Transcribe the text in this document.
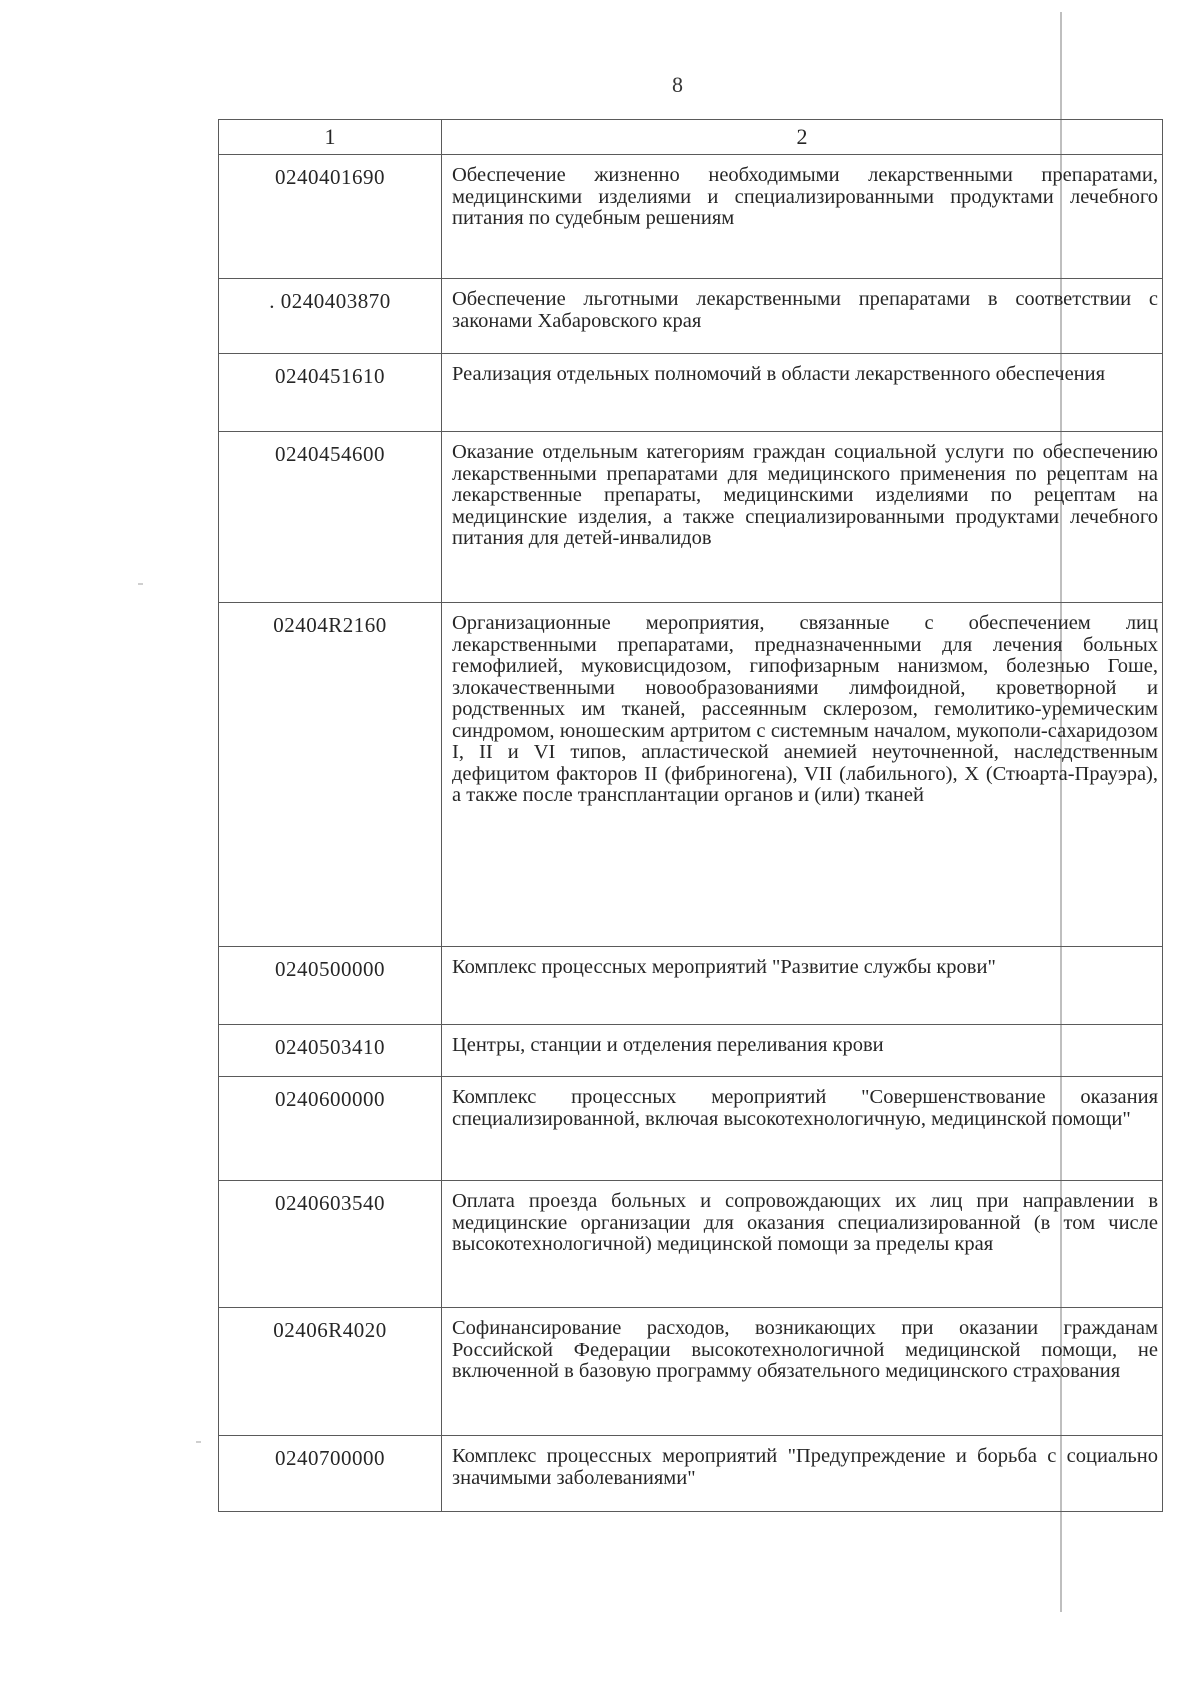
8
1	2
0240401690	Обеспечение жизненно необходимыми лекарственными препаратами, медицинскими изделиями и специализированными продуктами лечебного питания по судебным решениям
. 0240403870	Обеспечение льготными лекарственными препаратами в соответствии с законами Хабаровского края
0240451610	Реализация отдельных полномочий в области лекарственного обеспечения
0240454600	Оказание отдельным категориям граждан социальной услуги по обеспечению лекарственными препаратами для медицинского применения по рецептам на лекарственные препараты, медицинскими изделиями по рецептам на медицинские изделия, а также специализированными продуктами лечебного питания для детей-инвалидов
02404R2160	Организационные мероприятия, связанные с обеспечением лиц лекарственными препаратами, предназначенными для лечения больных гемофилией, муковисцидозом, гипофизарным нанизмом, болезнью Гоше, злокачественными новообразованиями лимфоидной, кроветворной и родственных им тканей, рассеянным склерозом, гемолитико-уремическим синдромом, юношеским артритом с системным началом, мукополи-сахаридозом I, II и VI типов, апластической анемией неуточненной, наследственным дефицитом факторов II (фибриногена), VII (лабильного), X (Стюарта-Прауэра), а также после трансплантации органов и (или) тканей
0240500000	Комплекс процессных мероприятий "Развитие службы крови"
0240503410	Центры, станции и отделения переливания крови
0240600000	Комплекс процессных мероприятий "Совершенствование оказания специализированной, включая высокотехнологичную, медицинской помощи"
0240603540	Оплата проезда больных и сопровождающих их лиц при направлении в медицинские организации для оказания специализированной (в том числе высокотехнологичной) медицинской помощи за пределы края
02406R4020	Софинансирование расходов, возникающих при оказании гражданам Российской Федерации высокотехнологичной медицинской помощи, не включенной в базовую программу обязательного медицинского страхования
0240700000	Комплекс процессных мероприятий "Предупреждение и борьба с социально значимыми заболеваниями"
